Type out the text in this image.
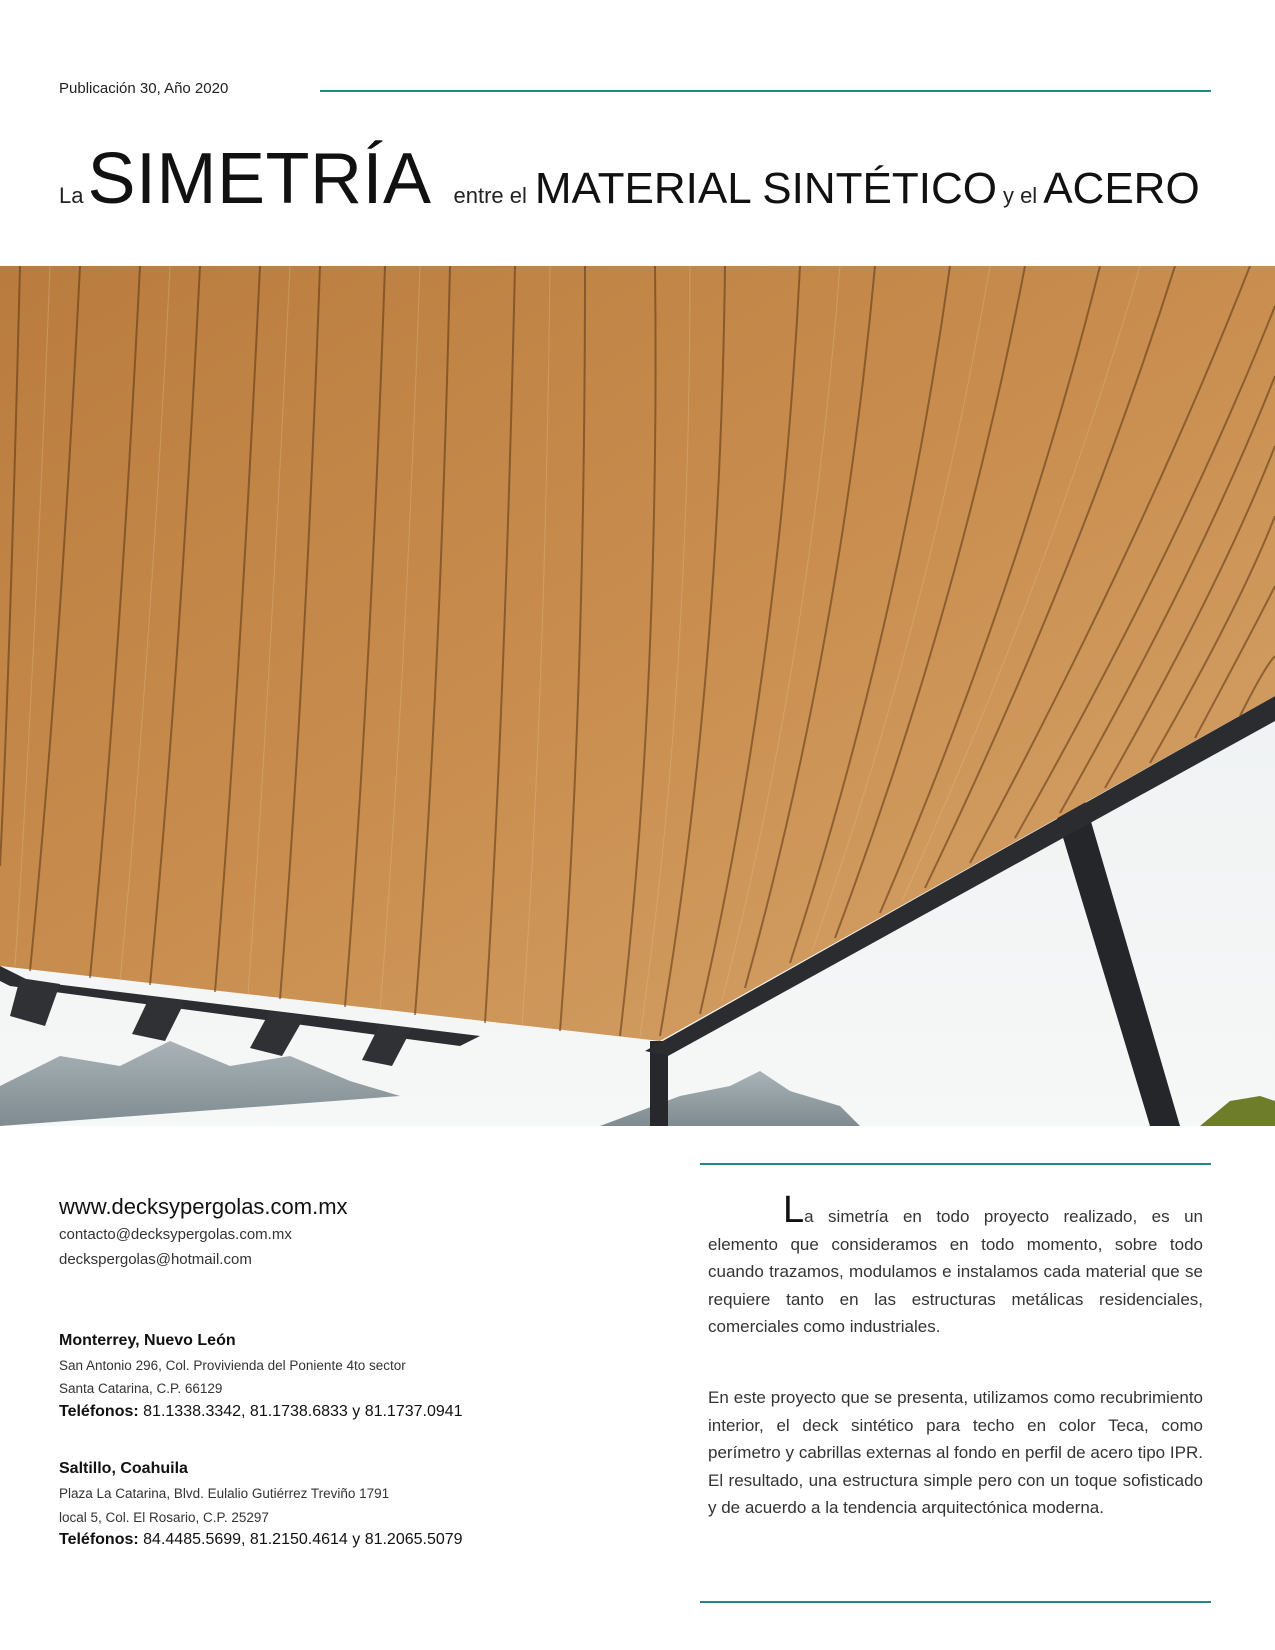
Publicación 30, Año 2020
La SIMETRÍA entre el MATERIAL SINTÉTICO y el ACERO
www.decksypergolas.com.mx
contacto@decksypergolas.com.mx
deckspergolas@hotmail.com
Monterrey, Nuevo León
San Antonio 296, Col. Provivienda del Poniente 4to sector
Santa Catarina, C.P. 66129
Teléfonos: 81.1338.3342, 81.1738.6833 y 81.1737.0941
Saltillo, Coahuila
Plaza La Catarina, Blvd. Eulalio Gutiérrez Treviño 1791
local 5, Col. El Rosario, C.P. 25297
Teléfonos: 84.4485.5699, 81.2150.4614 y 81.2065.5079

La simetría en todo proyecto realizado, es un elemento que consideramos en todo momento, sobre todo cuando trazamos, modulamos e instalamos cada material que se requiere tanto en las estructuras metálicas residenciales, comerciales como industriales.

En este proyecto que se presenta, utilizamos como recubrimiento interior, el deck sintético para techo en color Teca, como perímetro y cabrillas externas al fondo en perfil de acero tipo IPR. El resultado, una estructura simple pero con un toque sofisticado y de acuerdo a la tendencia arquitectónica moderna.
